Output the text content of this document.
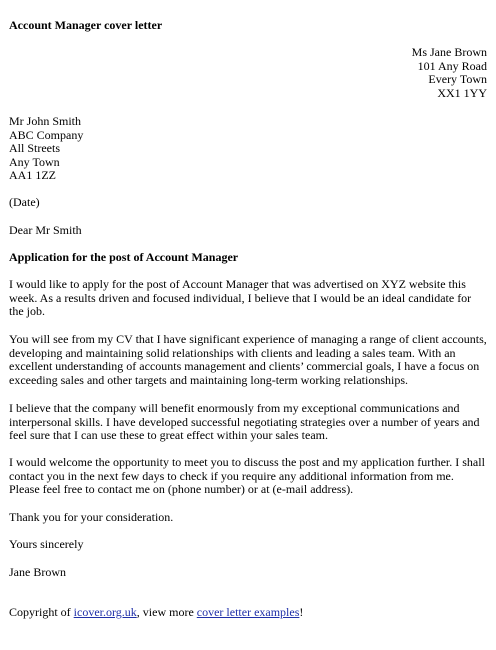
Account Manager cover letter
Ms Jane Brown
101 Any Road
Every Town
XX1 1YY
Mr John Smith
ABC Company
All Streets
Any Town
AA1 1ZZ
(Date)
Dear Mr Smith
Application for the post of Account Manager

I would like to apply for the post of Account Manager that was advertised on XYZ website this week. As a results driven and focused individual, I believe that I would be an ideal candidate for the job.

You will see from my CV that I have significant experience of managing a range of client accounts, developing and maintaining solid relationships with clients and leading a sales team. With an excellent understanding of accounts management and clients’ commercial goals, I have a focus on exceeding sales and other targets and maintaining long-term working relationships.

I believe that the company will benefit enormously from my exceptional communications and interpersonal skills. I have developed successful negotiating strategies over a number of years and feel sure that I can use these to great effect within your sales team.

I would welcome the opportunity to meet you to discuss the post and my application further. I shall contact you in the next few days to check if you require any additional information from me. Please feel free to contact me on (phone number) or at (e-mail address).

Thank you for your consideration.
Yours sincerely
Jane Brown
Copyright of icover.org.uk, view more cover letter examples!
